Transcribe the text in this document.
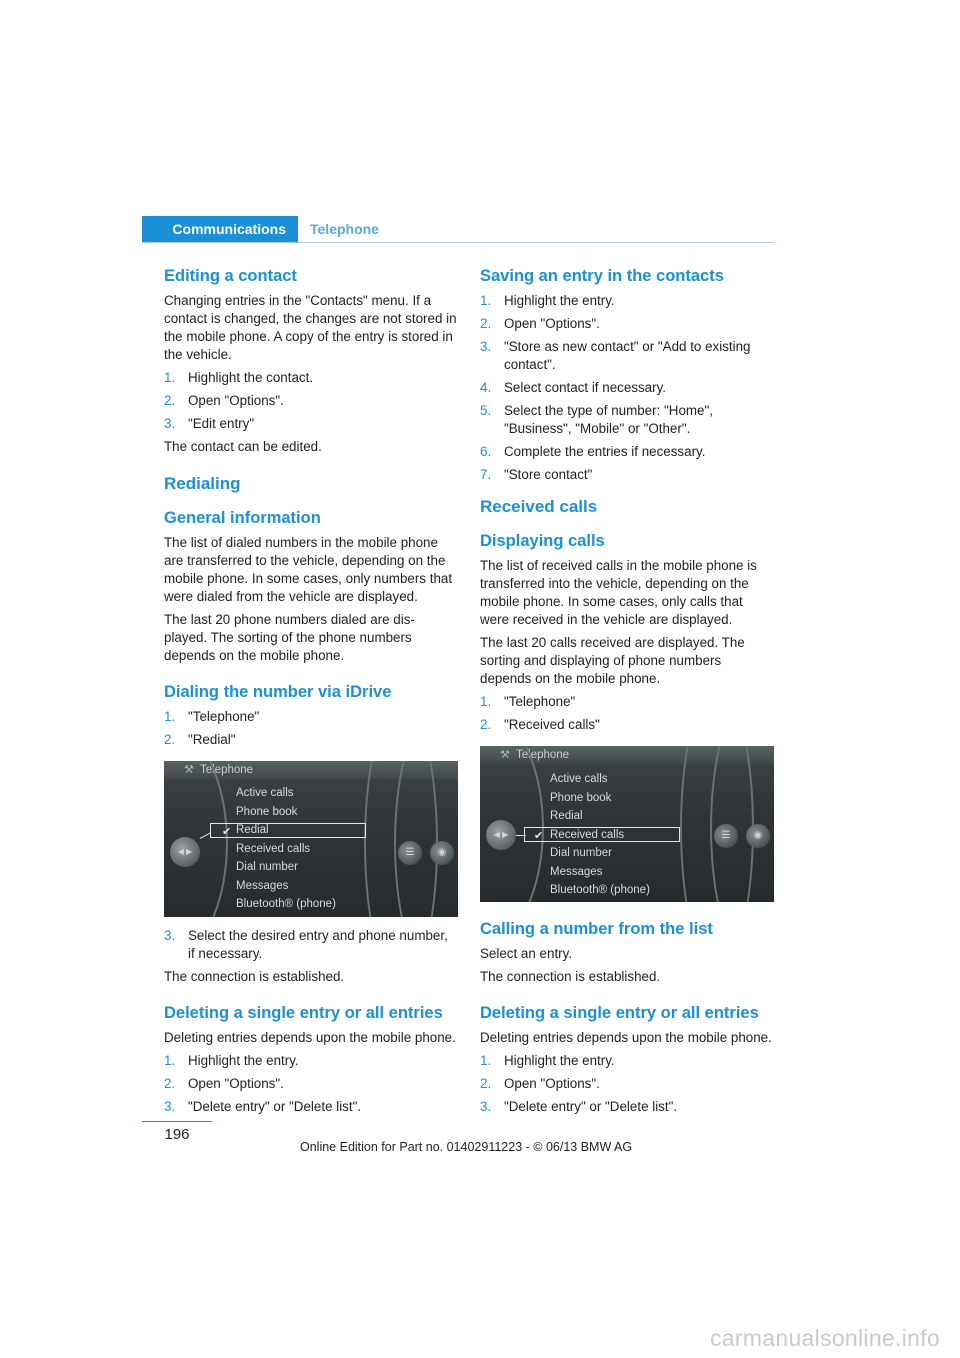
Communications	Telephone
Editing a contact

Changing entries in the "Contacts" menu. If a contact is changed, the changes are not stored in the mobile phone. A copy of the entry is stored in the vehicle.

1. Highlight the contact.
2. Open "Options".
3. "Edit entry"

The contact can be edited.

Redialing
General information

The list of dialed numbers in the mobile phone are transferred to the vehicle, depending on the mobile phone. In some cases, only numbers that were dialed from the vehicle are displayed.

The last 20 phone numbers dialed are dis-played. The sorting of the phone numbers depends on the mobile phone.

Dialing the number via iDrive
1. "Telephone"
2. "Redial"
⚒ Telephone
◀ ▶
✔
Active calls
Phone book
Redial
Received calls
Dial number
Messages
Bluetooth® (phone)
☰	◉
3. Select the desired entry and phone number, if necessary.

The connection is established.

Deleting a single entry or all entries

Deleting entries depends upon the mobile phone.

1. Highlight the entry.
2. Open "Options".
3. "Delete entry" or "Delete list".
Saving an entry in the contacts
1. Highlight the entry.
2. Open "Options".
3. "Store as new contact" or "Add to existing contact".
4. Select contact if necessary.
5. Select the type of number: "Home", "Business", "Mobile" or "Other".
6. Complete the entries if necessary.
7. "Store contact"
Received calls
Displaying calls

The list of received calls in the mobile phone is transferred into the vehicle, depending on the mobile phone. In some cases, only calls that were received in the vehicle are displayed.

The last 20 calls received are displayed. The sorting and displaying of phone numbers depends on the mobile phone.

1. "Telephone"
2. "Received calls"
⚒ Telephone
◀ ▶	✔
Active calls
Phone book
Redial
Received calls
Dial number
Messages
Bluetooth® (phone)
☰	◉
Calling a number from the list

Select an entry.

The connection is established.

Deleting a single entry or all entries

Deleting entries depends upon the mobile phone.

1. Highlight the entry.
2. Open "Options".
3. "Delete entry" or "Delete list".
196
Online Edition for Part no. 01402911223 - © 06/13 BMW AG
carmanualsonline.info
